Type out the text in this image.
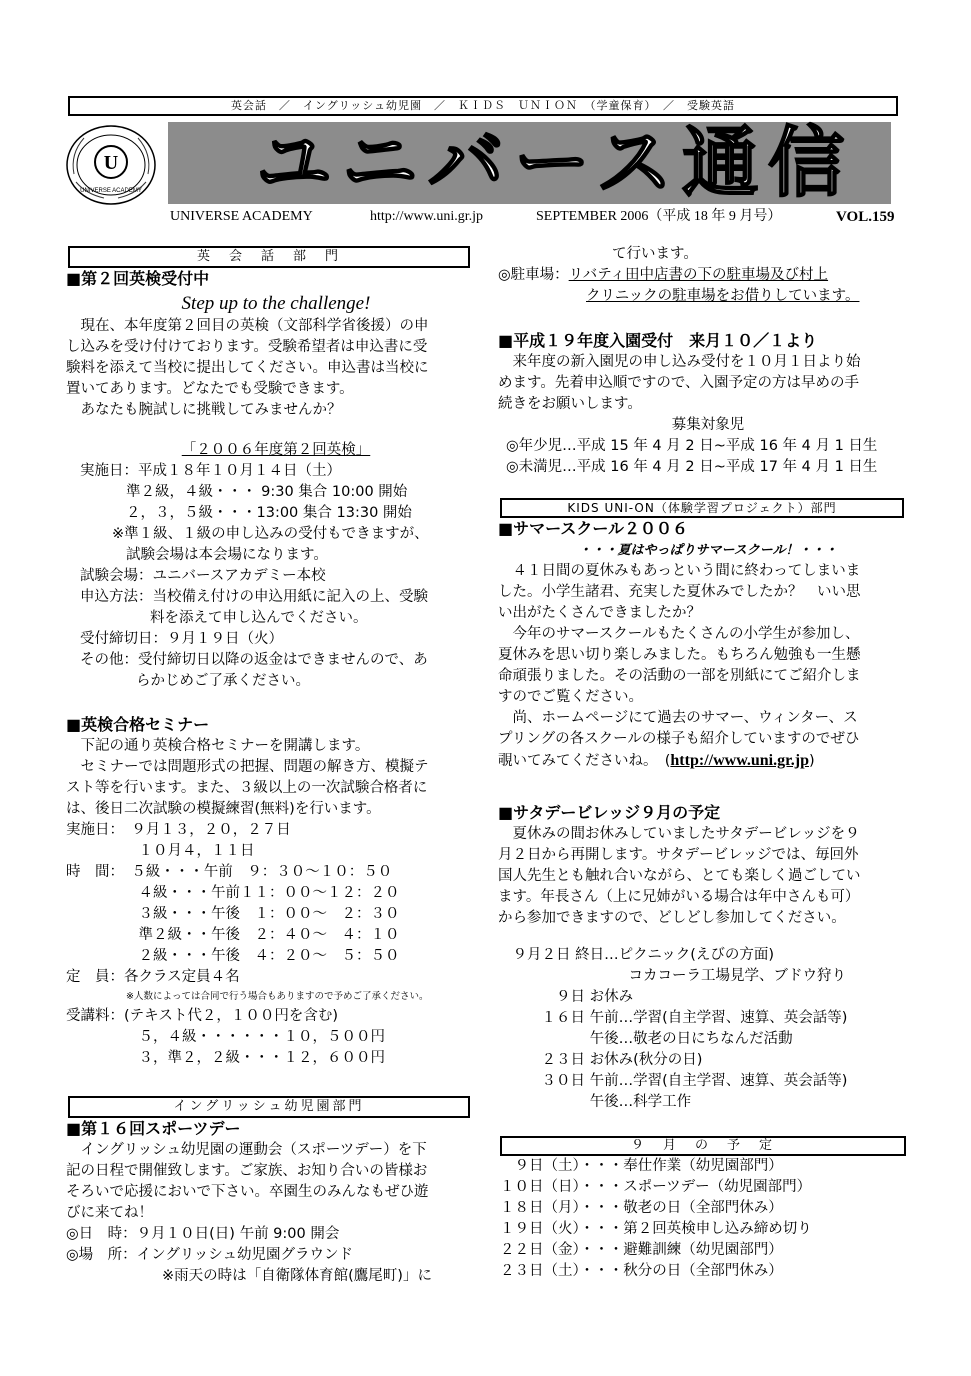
英会話　／　イングリッシュ幼児園　／　ＫＩＤＳ　ＵＮＩＯＮ　（学童保育）　／　受験英語
U
UNIVERSE ACADEMY	ユニバース通信
UNIVERSE ACADEMY	http://www.uni.gr.jp	SEPTEMBER 2006（平成 18 年 9 月号）	VOL.159
英　会　話　部　門
■第２回英検受付中
Step up to the challenge!

　現在、本年度第２回目の英検（文部科学省後援）の申

し込みを受け付けております。受験希望者は申込書に受

験料を添えて当校に提出してください。申込書は当校に

置いてあります。どなたでも受験できます。

　あなたも腕試しに挑戦してみませんか？

「２００６年度第２回英検」

実施日：平成１８年１０月１４日（土）

準２級，４級・・・ 9:30 集合 10:00 開始

２，３，５級・・・13:00 集合 13:30 開始

※準１級、１級の申し込みの受付もできますが、

試験会場は本会場になります。

試験会場：ユニバースアカデミー本校

申込方法：当校備え付けの申込用紙に記入の上、受験

料を添えて申し込んでください。

受付締切日：９月１９日（火）

その他：受付締切日以降の返金はできませんので、あ

らかじめご了承ください。

■英検合格セミナー

　下記の通り英検合格セミナーを開講します。

　セミナーでは問題形式の把握、問題の解き方、模擬テ

スト等を行います。また、３級以上の一次試験合格者に

は、後日二次試験の模擬練習(無料)を行います。

実施日：　９月１３，２０，２７日

　　　　　１０月４，１１日

時　間：　５級・・・午前　９：３０～１０：５０

　　　　　４級・・・午前１１：００～１２：２０

　　　　　３級・・・午後　１：００～　２：３０

　　　　　準２級・・午後　２：４０～　４：１０

　　　　　２級・・・午後　４：２０～　５：５０

定　員：各クラス定員４名

※人数によっては合同で行う場合もありますので予めご了承ください。

受講料：(テキスト代２，１００円を含む)

　　　　　５，４級・・・・・・１０，５００円

　　　　　３，準２，２級・・・１２，６００円

イングリッシュ幼児園部門
■第１６回スポーツデー

　イングリッシュ幼児園の運動会（スポーツデー）を下

記の日程で開催致します。ご家族、お知り合いの皆様お

そろいで応援においで下さい。卒園生のみんなもぜひ遊

びに来てね！

◎日　時：９月１０日(日) 午前 9:00 開会

◎場　所：イングリッシュ幼児園グラウンド

※雨天の時は「自衛隊体育館(鷹尾町)」に

て行います。

◎駐車場：リバティ田中店書の下の駐車場及び村上

クリニックの駐車場をお借りしています。

■平成１９年度入園受付　来月１０／１より

　来年度の新入園児の申し込み受付を１０月１日より始

めます。先着申込順ですので、入園予定の方は早めの手

続きをお願いします。

募集対象児

◎年少児…平成 15 年 4 月 2 日~平成 16 年 4 月 1 日生

◎未満児…平成 16 年 4 月 2 日~平成 17 年 4 月 1 日生

KIDS UNI-ON（体験学習プロジェクト）部門
■サマースクール２００６

・・・夏はやっぱりサマースクール！・・・

　４１日間の夏休みもあっという間に終わってしまいま

した。小学生諸君、充実した夏休みでしたか？　いい思

い出がたくさんできましたか？

　今年のサマースクールもたくさんの小学生が参加し、

夏休みを思い切り楽しみました。もちろん勉強も一生懸

命頑張りました。その活動の一部を別紙にてご紹介しま

すのでご覧ください。

　尚、ホームページにて過去のサマー、ウィンター、ス

プリングの各スクールの様子も紹介していますのでぜひ

覗いてみてくださいね。　(http://www.uni.gr.jp)

■サタデービレッジ９月の予定

　夏休みの間お休みしていましたサタデービレッジを９

月２日から再開します。サタデービレッジでは、毎回外

国人先生とも触れ合いながら、とても楽しく過ごしてい

ます。年長さん（上に兄姉がいる場合は年中さんも可）

から参加できますので、どしどし参加してください。

　９月２日 終日…ピクニック(えびの方面)

　　　　　　　　　コカコーラ工場見学、ブドウ狩り

　　　　９日 お休み

　　　１６日 午前…学習(自主学習、速算、英会話等)

　　　　　　 午後…敬老の日にちなんだ活動

　　　２３日 お休み(秋分の日)

　　　３０日 午前…学習(自主学習、速算、英会話等)

　　　　　　 午後…科学工作

９　月　の　予　定

　９日（土）・・・奉仕作業（幼児園部門）

１０日（日）・・・スポーツデー（幼児園部門）

１８日（月）・・・敬老の日（全部門休み）

１９日（火）・・・第２回英検申し込み締め切り

２２日（金）・・・避難訓練（幼児園部門）

２３日（土）・・・秋分の日（全部門休み）
